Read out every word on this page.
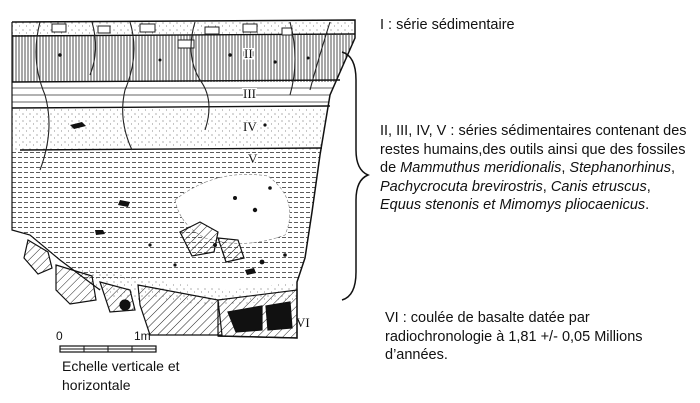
II
III
IV
V
VI
0	1m
I : série sédimentaire
II, III, IV, V : séries sédimentaires contenant des restes humains,des outils ainsi que des fossiles de Mammuthus meridionalis, Stephanorhinus, Pachycrocuta brevirostris, Canis etruscus, Equus stenonis et Mimomys pliocaenicus.
VI : coulée de basalte datée par radiochronologie à 1,81 +/- 0,05 Millions d’années.
Echelle verticale et horizontale
